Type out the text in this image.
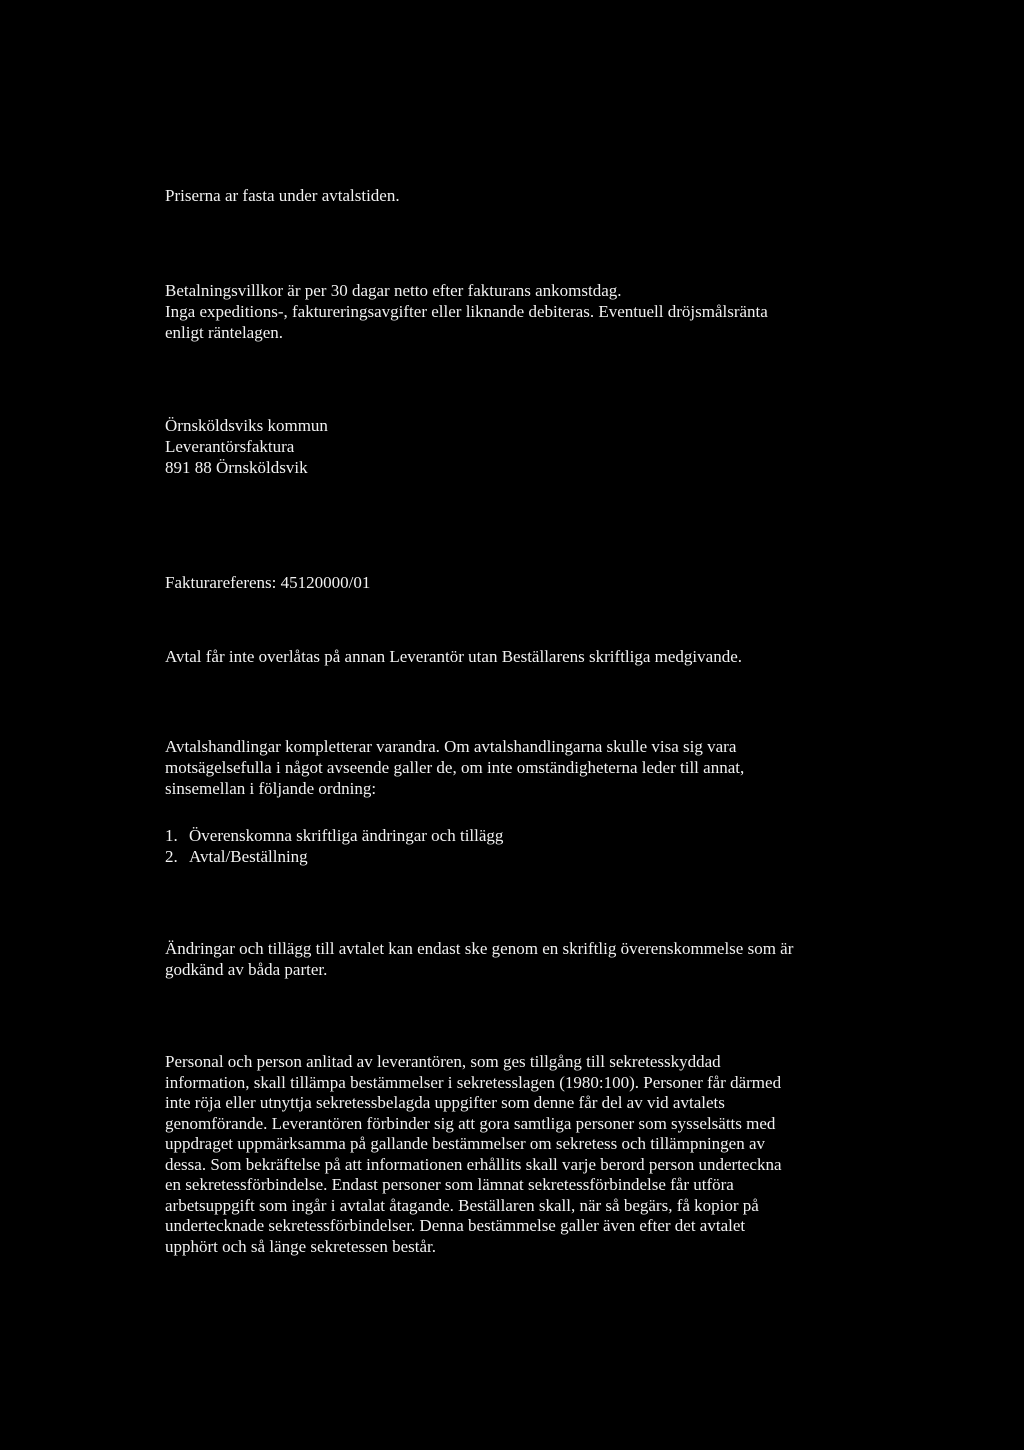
Priserna ar fasta under avtalstiden.
Betalningsvillkor är per 30 dagar netto efter fakturans ankomstdag.
Inga expeditions-, faktureringsavgifter eller liknande debiteras. Eventuell dröjsmålsränta
enligt räntelagen.
Örnsköldsviks kommun
Leverantörsfaktura
891 88 Örnsköldsvik
Fakturareferens: 45120000/01
Avtal får inte overlåtas på annan Leverantör utan Beställarens skriftliga medgivande.
Avtalshandlingar kompletterar varandra. Om avtalshandlingarna skulle visa sig vara
motsägelsefulla i något avseende galler de, om inte omständigheterna leder till annat,
sinsemellan i följande ordning:
1. Överenskomna skriftliga ändringar och tillägg
2. Avtal/Beställning
Ändringar och tillägg till avtalet kan endast ske genom en skriftlig överenskommelse som är
godkänd av båda parter.
Personal och person anlitad av leverantören, som ges tillgång till sekretesskyddad
information, skall tillämpa bestämmelser i sekretesslagen (1980:100). Personer får därmed
inte röja eller utnyttja sekretessbelagda uppgifter som denne får del av vid avtalets
genomförande. Leverantören förbinder sig att gora samtliga personer som sysselsätts med
uppdraget uppmärksamma på gallande bestämmelser om sekretess och tillämpningen av
dessa. Som bekräftelse på att informationen erhållits skall varje berord person underteckna
en sekretessförbindelse. Endast personer som lämnat sekretessförbindelse får utföra
arbetsuppgift som ingår i avtalat åtagande. Beställaren skall, när så begärs, få kopior på
undertecknade sekretessförbindelser. Denna bestämmelse galler även efter det avtalet
upphört och så länge sekretessen består.
